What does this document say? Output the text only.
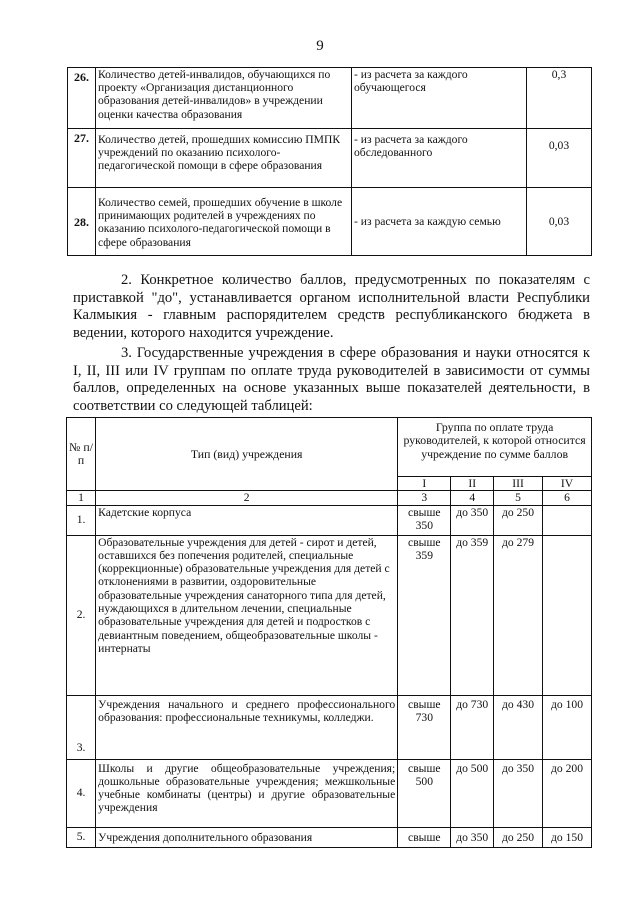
9
26.	Количество детей-инвалидов, обучающихся по проекту «Организация дистанционного образования детей-инвалидов» в учреждении оценки качества образования	- из расчета за каждого обучающегося	0,3
27.	Количество детей, прошедших комиссию ПМПК учреждений по оказанию психолого-педагогической помощи в сфере образования	- из расчета за каждого обследованного	0,03
28.	Количество семей, прошедших обучение в школе принимающих родителей в учреждениях по оказанию психолого-педагогической помощи в сфере образования	- из расчета за каждую семью	0,03

2. Конкретное количество баллов, предусмотренных по показателям с приставкой "до", устанавливается органом исполнительной власти Республики Калмыкия - главным распорядителем средств республиканского бюджета в ведении, которого находится учреждение.

3. Государственные учреждения в сфере образования и науки относятся к I, II, III или IV группам по оплате труда руководителей в зависимости от суммы баллов, определенных на основе указанных выше показателей деятельности, в соответствии со следующей таблицей:

№ п/п	Тип (вид) учреждения	Группа по оплате труда руководителей, к которой относится учреждение по сумме баллов			
		I	II	III	IV
1	2	3	4	5	6
1.	Кадетские корпуса	свыше 350	до 350	до 250	
2.	Образовательные учреждения для детей - сирот и детей, оставшихся без попечения родителей, специальные (коррекционные) образовательные учреждения для детей с отклонениями в развитии, оздоровительные образовательные учреждения санаторного типа для детей, нуждающихся в длительном лечении, специальные образовательные учреждения для детей и подростков с девиантным поведением, общеобразовательные школы - интернаты	свыше 359	до 359	до 279	
3.	Учреждения начального и среднего профессионального образования: профессиональные техникумы, колледжи.	свыше 730	до 730	до 430	до 100
4.	Школы и другие общеобразовательные учреждения; дошкольные образовательные учреждения; межшкольные учебные комбинаты (центры) и другие образовательные учреждения	свыше 500	до 500	до 350	до 200
5.	Учреждения дополнительного образования	свыше	до 350	до 250	до 150
